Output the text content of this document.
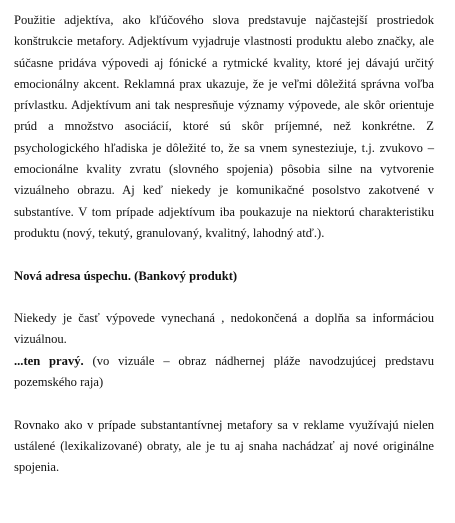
Použitie adjektíva, ako kľúčového slova predstavuje najčastejší prostriedok konštrukcie metafory. Adjektívum vyjadruje vlastnosti produktu alebo značky, ale súčasne pridáva výpovedi aj fónické a rytmické kvality, ktoré jej dávajú určitý emocionálny akcent. Reklamná prax ukazuje, že je veľmi dôležitá správna voľba prívlastku. Adjektívum ani tak nespresňuje významy výpovede, ale skôr orientuje prúd a množstvo asociácií, ktoré sú skôr príjemné, než konkrétne. Z psychologického hľadiska je dôležité to, že sa vnem synesteziuje, t.j. zvukovo – emocionálne kvality zvratu (slovného spojenia) pôsobia silne na vytvorenie vizuálneho obrazu. Aj keď niekedy je komunikačné posolstvo zakotvené v substantíve. V tom prípade adjektívum iba poukazuje na niektorú charakteristiku produktu (nový, tekutý, granulovaný, kvalitný, lahodný atď.).

Nová adresa úspechu. (Bankový produkt)

Niekedy je časť výpovede vynechaná , nedokončená a doplňa sa informáciou vizuálnou.

...ten pravý. (vo vizuále – obraz nádhernej pláže navodzujúcej predstavu pozemského raja)

Rovnako ako v prípade substantantívnej metafory sa v reklame využívajú nielen ustálené (lexikalizované) obraty, ale je tu aj snaha nachádzať aj nové originálne spojenia.
